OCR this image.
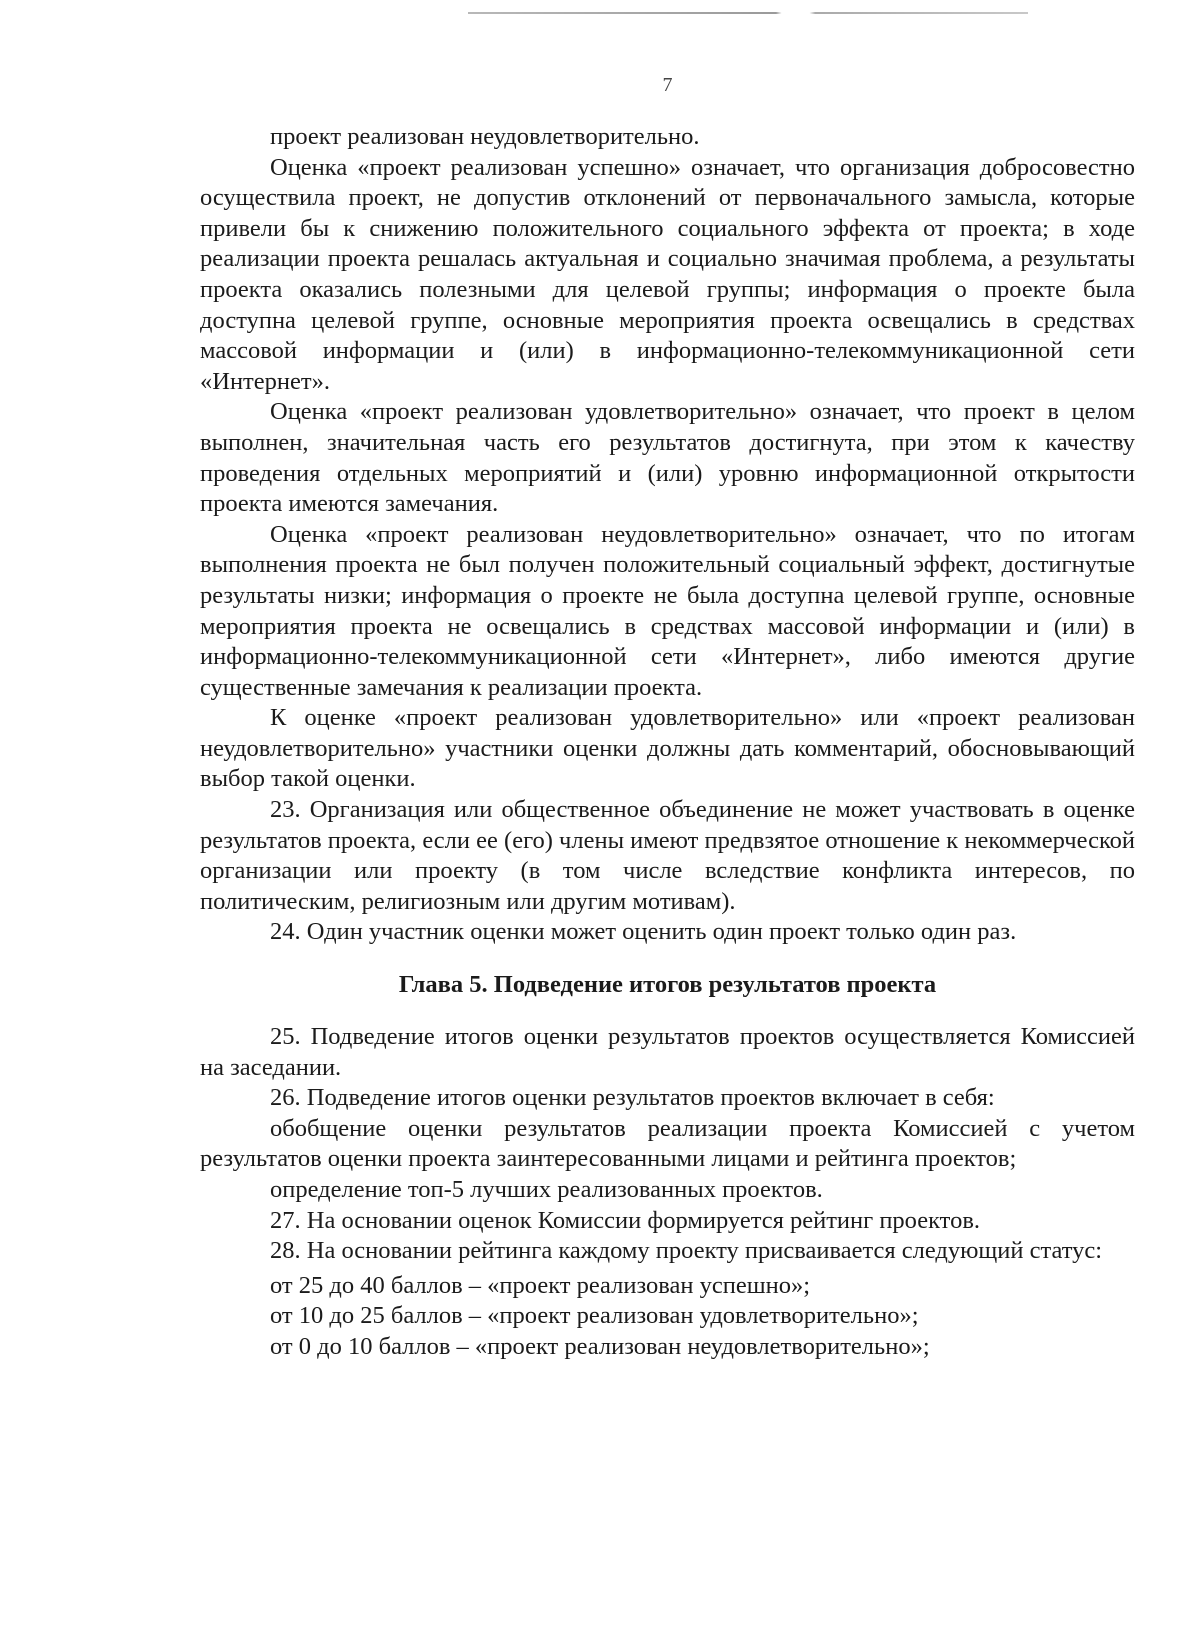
7

проект реализован неудовлетворительно.

Оценка «проект реализован успешно» означает, что организация добросовестно осуществила проект, не допустив отклонений от первоначального замысла, которые привели бы к снижению положительного социального эффекта от проекта; в ходе реализации проекта решалась актуальная и социально значимая проблема, а результаты проекта оказались полезными для целевой группы; информация о проекте была доступна целевой группе, основные мероприятия проекта освещались в средствах массовой информации и (или) в информационно-телекоммуникационной сети «Интернет».

Оценка «проект реализован удовлетворительно» означает, что проект в целом выполнен, значительная часть его результатов достигнута, при этом к качеству проведения отдельных мероприятий и (или) уровню информационной открытости проекта имеются замечания.

Оценка «проект реализован неудовлетворительно» означает, что по итогам выполнения проекта не был получен положительный социальный эффект, достигнутые результаты низки; информация о проекте не была доступна целевой группе, основные мероприятия проекта не освещались в средствах массовой информации и (или) в информационно-телекоммуникационной сети «Интернет», либо имеются другие существенные замечания к реализации проекта.

К оценке «проект реализован удовлетворительно» или «проект реализован неудовлетворительно» участники оценки должны дать комментарий, обосновывающий выбор такой оценки.

23. Организация или общественное объединение не может участвовать в оценке результатов проекта, если ее (его) члены имеют предвзятое отношение к некоммерческой организации или проекту (в том числе вследствие конфликта интересов, по политическим, религиозным или другим мотивам).

24. Один участник оценки может оценить один проект только один раз.

Глава 5. Подведение итогов результатов проекта

25. Подведение итогов оценки результатов проектов осуществляется Комиссией на заседании.

26. Подведение итогов оценки результатов проектов включает в себя:

обобщение оценки результатов реализации проекта Комиссией с учетом результатов оценки проекта заинтересованными лицами и рейтинга проектов;

определение топ-5 лучших реализованных проектов.

27. На основании оценок Комиссии формируется рейтинг проектов.

28. На основании рейтинга каждому проекту присваивается следующий статус:

от 25 до 40 баллов – «проект реализован успешно»;

от 10 до 25 баллов – «проект реализован удовлетворительно»;

от 0 до 10 баллов – «проект реализован неудовлетворительно»;
